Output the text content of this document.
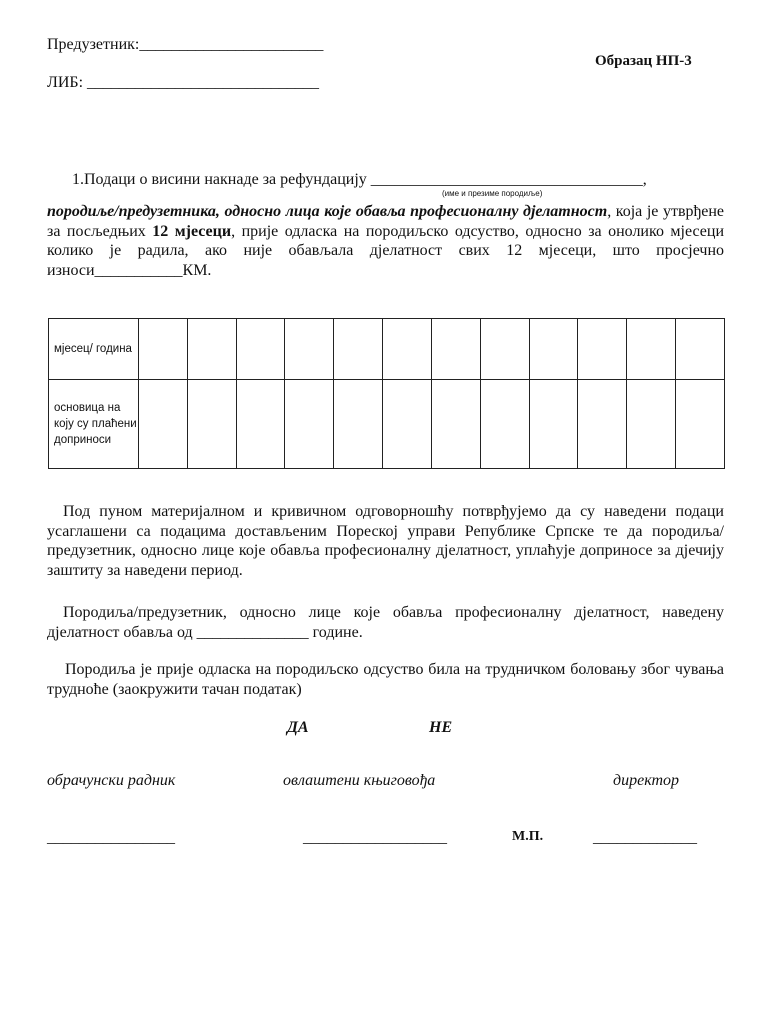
Предузетник:_______________________
Образац НП-3
ЛИБ: _____________________________
1.Подаци о висини накнаде за рефундацију __________________________________,
(име и презиме породиље)
породиље/предузетника, односно лица које обавља професионалну дјелатност, која је утврђене за посљедњих 12 мјесеци, прије одласка на породиљско одсуство, односно за онолико мјесеци колико је радила, ако није обављала дјелатност свих 12 мјесеци, што просјечно износи___________КМ.
мјесец/ година												
основица на коју су плаћени доприноси												
Под пуном материјалном и кривичном одговорношћу потврђујемо да су наведени подаци усаглашени са подацима достављеним Пореској управи Републике Српске те да породиља/предузетник, односно лице које обавља професионалну дјелатност, уплаћује доприносе за дјечију заштиту за наведени период.
Породиља/предузетник, односно лице које обавља професионалну дјелатност, наведену дјелатност обавља од ______________ године.
Породиља је прије одласка на породиљско одсуство била на трудничком боловању због чувања трудноће (заокружити тачан податак)
ДА	НЕ
обрачунски радник	овлаштени књиговођа	директор
________________	__________________	М.П.	_____________
